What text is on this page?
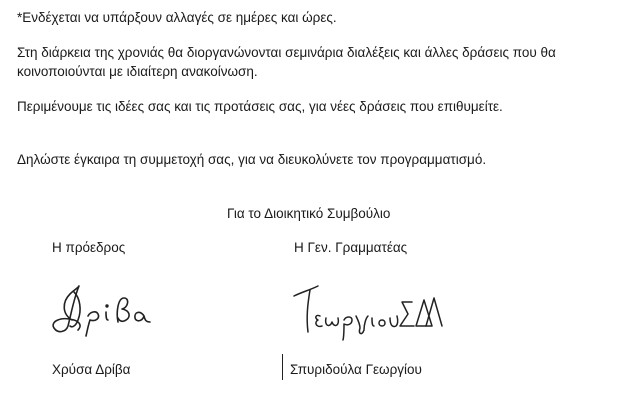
*Ενδέχεται να υπάρξουν αλλαγές σε ημέρες και ώρες.
Στη διάρκεια της χρονιάς θα διοργανώνονται σεμινάρια διαλέξεις και άλλες δράσεις που θα
κοινοποιούνται με ιδιαίτερη ανακοίνωση.
Περιμένουμε τις ιδέες σας και τις προτάσεις σας, για νέες δράσεις που επιθυμείτε.
Δηλώστε έγκαιρα τη συμμετοχή σας, για να διευκολύνετε τον προγραμματισμό.
Για το Διοικητικό Συμβούλιο
Η πρόεδρος	Η Γεν. Γραμματέας
Χρύσα Δρίβα	Σπυριδούλα Γεωργίου
